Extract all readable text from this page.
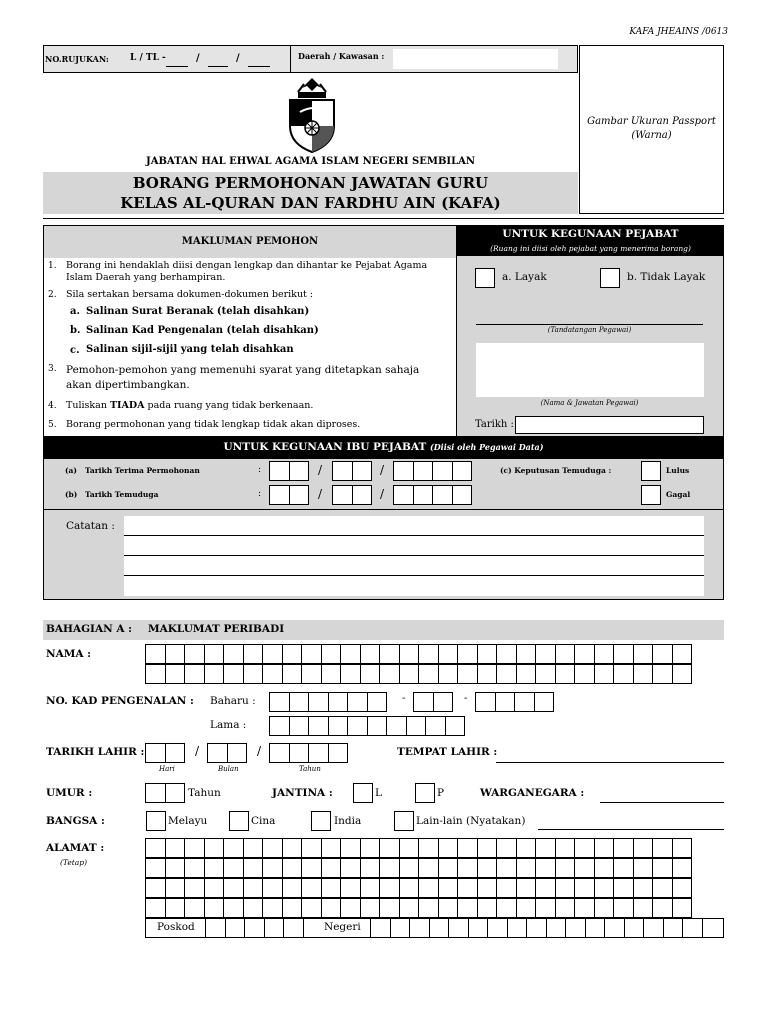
KAFA JHEAINS /0613
NO.RUJUKAN: L / TL -	/	/	Daerah / Kawasan :
Gambar Ukuran Passport
(Warna)
JABATAN HAL EHWAL AGAMA ISLAM NEGERI SEMBILAN
BORANG PERMOHONAN JAWATAN GURU
KELAS AL-QURAN DAN FARDHU AIN (KAFA)
MAKLUMAN PEMOHON
1. Borang ini hendaklah diisi dengan lengkap dan dihantar ke Pejabat Agama Islam Daerah yang berhampiran.
2. Sila sertakan bersama dokumen-dokumen berikut :
a. Salinan Surat Beranak (telah disahkan)
b. Salinan Kad Pengenalan (telah disahkan)
c. Salinan sijil-sijil yang telah disahkan
3. Pemohon-pemohon yang memenuhi syarat yang ditetapkan sahaja akan dipertimbangkan.
4. Tuliskan TIADA pada ruang yang tidak berkenaan.
5. Borang permohonan yang tidak lengkap tidak akan diproses.
UNTUK KEGUNAAN PEJABAT
(Ruang ini diisi oleh pejabat yang menerima borang)
a. Layak	b. Tidak Layak
(Tandatangan Pegawai)
(Nama & Jawatan Pegawai)
Tarikh :
UNTUK KEGUNAAN IBU PEJABAT (Diisi oleh Pegawai Data)
(a) Tarikh Terima Permohonan	:	/	/
(b) Tarikh Temuduga	:	/	/
(c) Keputusan Temuduga :	Lulus
Gagal
Catatan :
BAHAGIAN A : MAKLUMAT PERIBADI
NAMA :
NO. KAD PENGENALAN : Baharu :	-	-
Lama :
TARIKH LAHIR :	/	/
Hari	Bulan	Tahun
TEMPAT LAHIR :
UMUR :	Tahun	JANTINA :	L	P	WARGANEGARA :
BANGSA :	Melayu	Cina	India	Lain-lain (Nyatakan)
ALAMAT :
(Tetap)
Poskod	Negeri
